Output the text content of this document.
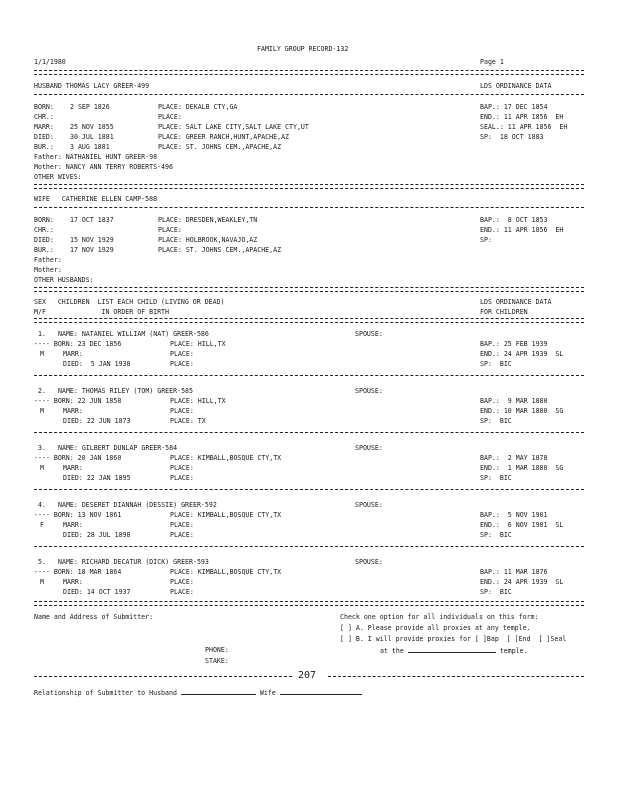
FAMILY GROUP RECORD-132
1/1/1980	Page 1
HUSBAND THOMAS LACY GREER-499	LDS ORDINANCE DATA
BORN: 2 SEP 1826	PLACE: DEKALB CTY,GA	BAP.: 17 DEC 1854
CHR.:	PLACE:	END.: 11 APR 1856  EH
MARR: 25 NOV 1855	PLACE: SALT LAKE CITY,SALT LAKE CTY,UT	SEAL.: 11 APR 1856  EH
DIED: 30 JUL 1881	PLACE: GREER RANCH,HUNT,APACHE,AZ	SP:  18 OCT 1883
BUR.: 3 AUG 1881	PLACE: ST. JOHNS CEM.,APACHE,AZ
Father: NATHANIEL HUNT GREER-98
Mother: NANCY ANN TERRY ROBERTS-496
OTHER WIVES:
WIFE   CATHERINE ELLEN CAMP-588
BORN: 17 OCT 1837	PLACE: DRESDEN,WEAKLEY,TN	BAP.:  8 OCT 1853
CHR.:	PLACE:	END.: 11 APR 1856  EH
DIED: 15 NOV 1929	PLACE: HOLBROOK,NAVAJO,AZ	SP:
BUR.: 17 NOV 1929	PLACE: ST. JOHNS CEM.,APACHE,AZ
Father:
Mother:
OTHER HUSBANDS:
SEX   CHILDREN  LIST EACH CHILD (LIVING OR DEAD)	LDS ORDINANCE DATA
M/F              IN ORDER OF BIRTH	FOR CHILDREN
1. NAME: NATANIEL WILLIAM (NAT) GREER-586	SPOUSE:
---- BORN: 23 DEC 1856	PLACE: HILL,TX	BAP.: 25 FEB 1939
M	MARR:	PLACE:	END.: 24 APR 1939  SL
DIED:  5 JAN 1938	PLACE:	SP:  BIC
2. NAME: THOMAS RILEY (TOM) GREER-585	SPOUSE:
---- BORN: 22 JUN 1858	PLACE: HILL,TX	BAP.:  9 MAR 1880
M	MARR:	PLACE:	END.: 10 MAR 1880  SG
DIED: 22 JUN 1873	PLACE: TX	SP:  BIC
3. NAME: GILBERT DUNLAP GREER-584	SPOUSE:
---- BORN: 20 JAN 1860	PLACE: KIMBALL,BOSQUE CTY,TX	BAP.:  2 MAY 1878
M	MARR:	PLACE:	END.:  1 MAR 1880  SG
DIED: 22 JAN 1895	PLACE:	SP:  BIC
4. NAME: DESERET DIANNAH (DESSIE) GREER-592	SPOUSE:
---- BORN: 13 NOV 1861	PLACE: KIMBALL,BOSQUE CTY,TX	BAP.:  5 NOV 1901
F	MARR:	PLACE:	END.:  6 NOV 1901  SL
DIED: 28 JUL 1898	PLACE:	SP:  BIC
5. NAME: RICHARD DECATUR (DICK) GREER-593	SPOUSE:
---- BORN: 18 MAR 1864	PLACE: KIMBALL,BOSQUE CTY,TX	BAP.: 11 MAR 1876
M	MARR:	PLACE:	END.: 24 APR 1939  SL
DIED: 14 OCT 1937	PLACE:	SP:  BIC
Name and Address of Submitter:	Check one option for all individuals on this form:
[ ] A. Please provide all proxies at any temple.
[ ] B. I will provide proxies for [ ]Bap  [ ]End  [ ]Seal
at the	temple.
PHONE:
STAKE:
207
Relationship of Submitter to Husband	Wife
